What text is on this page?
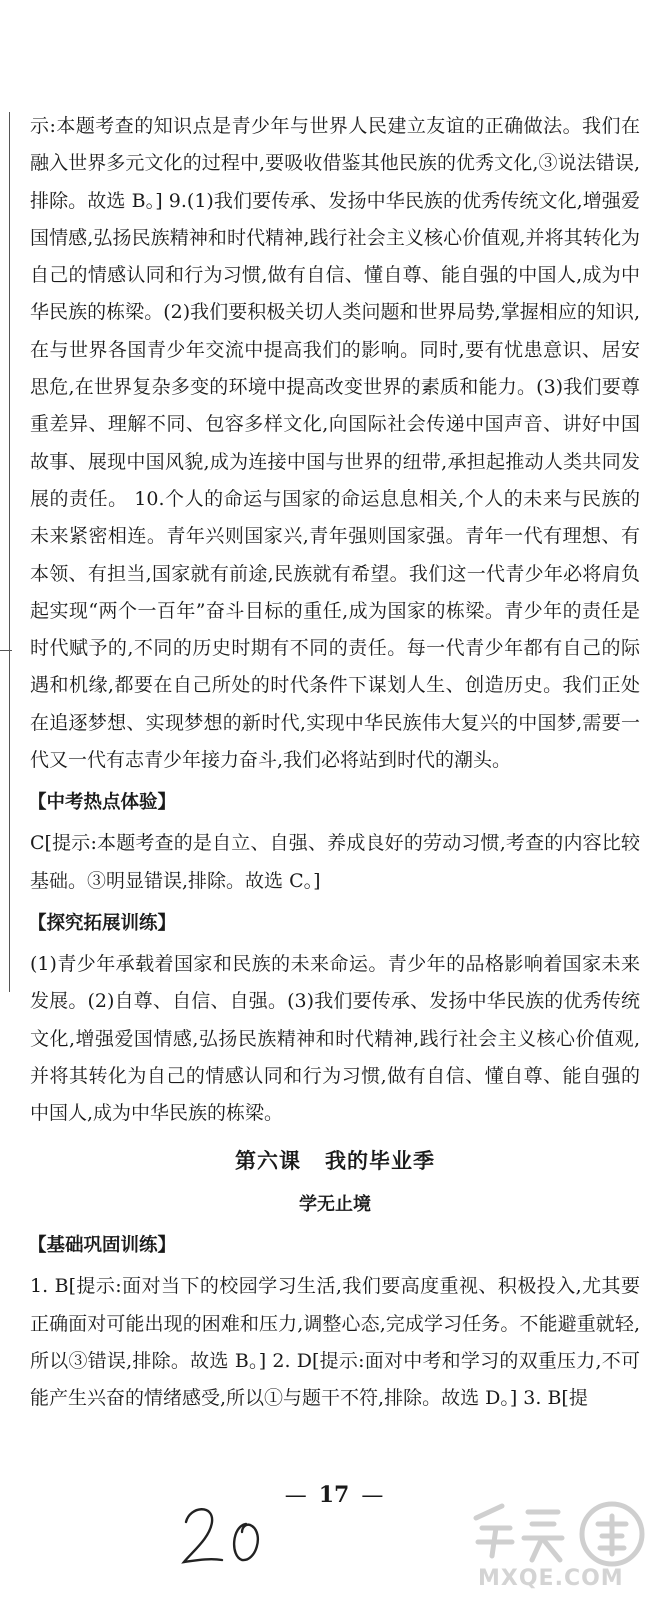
示:本题考查的知识点是青少年与世界人民建立友谊的正确做法。我们在融入世界多元文化的过程中,要吸收借鉴其他民族的优秀文化,③说法错误,排除。故选 B。] 9.(1)我们要传承、发扬中华民族的优秀传统文化,增强爱国情感,弘扬民族精神和时代精神,践行社会主义核心价值观,并将其转化为自己的情感认同和行为习惯,做有自信、懂自尊、能自强的中国人,成为中华民族的栋梁。(2)我们要积极关切人类问题和世界局势,掌握相应的知识,在与世界各国青少年交流中提高我们的影响。同时,要有忧患意识、居安思危,在世界复杂多变的环境中提高改变世界的素质和能力。(3)我们要尊重差异、理解不同、包容多样文化,向国际社会传递中国声音、讲好中国故事、展现中国风貌,成为连接中国与世界的纽带,承担起推动人类共同发展的责任。 10.个人的命运与国家的命运息息相关,个人的未来与民族的未来紧密相连。青年兴则国家兴,青年强则国家强。青年一代有理想、有本领、有担当,国家就有前途,民族就有希望。我们这一代青少年必将肩负起实现“两个一百年”奋斗目标的重任,成为国家的栋梁。青少年的责任是时代赋予的,不同的历史时期有不同的责任。每一代青少年都有自己的际遇和机缘,都要在自己所处的时代条件下谋划人生、创造历史。我们正处在追逐梦想、实现梦想的新时代,实现中华民族伟大复兴的中国梦,需要一代又一代有志青少年接力奋斗,我们必将站到时代的潮头。

【中考热点体验】

C[提示:本题考查的是自立、自强、养成良好的劳动习惯,考查的内容比较基础。③明显错误,排除。故选 C。]

【探究拓展训练】

(1)青少年承载着国家和民族的未来命运。青少年的品格影响着国家未来发展。(2)自尊、自信、自强。(3)我们要传承、发扬中华民族的优秀传统文化,增强爱国情感,弘扬民族精神和时代精神,践行社会主义核心价值观,并将其转化为自己的情感认同和行为习惯,做有自信、懂自尊、能自强的中国人,成为中华民族的栋梁。

第六课 我的毕业季
学无止境
【基础巩固训练】

1. B[提示:面对当下的校园学习生活,我们要高度重视、积极投入,尤其要正确面对可能出现的困难和压力,调整心态,完成学习任务。不能避重就轻,所以③错误,排除。故选 B。] 2. D[提示:面对中考和学习的双重压力,不可能产生兴奋的情绪感受,所以①与题干不符,排除。故选 D。] 3. B[提

— 17 —
MXQE.COM
